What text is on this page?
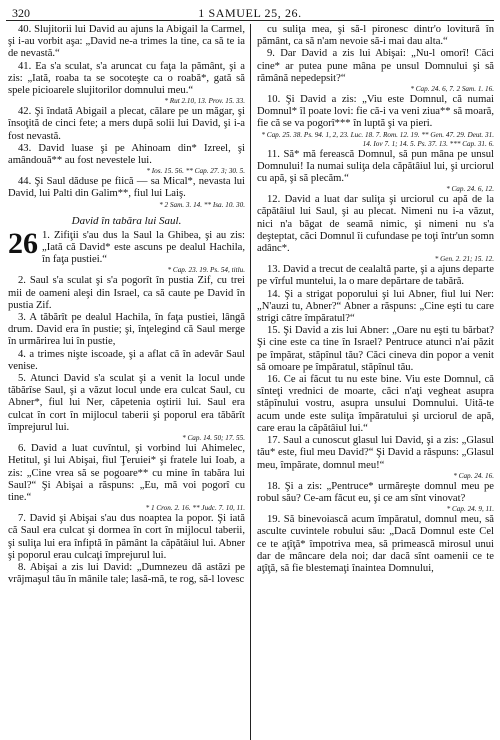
320	1 SAMUEL 25, 26.
40. Slujitorii lui David au ajuns la Abigail la Carmel, şi i-au vorbit aşa: „David ne-a trimes la tine, ca să te ia de nevastă.“
41. Ea s'a sculat, s'a aruncat cu faţa la pământ, şi a zis: „Iată, roaba ta se socoteşte ca o roabă*, gată să spele picioarele slujitorilor domnului meu.“
* Rut 2.10, 13. Prov. 15. 33.
42. Şi îndată Abigail a plecat, călare pe un măgar, şi însoţită de cinci fete; a mers după solii lui David, şi i-a fost nevastă.
43. David luase şi pe Ahinoam din* Izreel, şi amândouă** au fost nevestele lui.
* Ios. 15. 56. ** Cap. 27. 3; 30. 5.
44. Şi Saul dăduse pe fiică — sa Mical*, nevasta lui David, lui Palti din Galim**, fiul lui Laiş.
* 2 Sam. 3. 14. ** Isa. 10. 30.
David în tabăra lui Saul.
26 1. Zifiţii s'au dus la Saul la Ghibea, şi au zis: „Iată că David* este ascuns pe dealul Hachila, în faţa pustiei.“
* Cap. 23. 19. Ps. 54, titlu.
2. Saul s'a sculat şi s'a pogorît în pustia Zif, cu trei mii de oameni aleşi din Israel, ca să caute pe David în pustia Zif.
3. A tăbărît pe dealul Hachila, în faţa pustiei, lângă drum. David era în pustie; şi, înţelegind că Saul merge în urmărirea lui în pustie,
4. a trimes nişte iscoade, şi a aflat că în adevăr Saul venise.
5. Atunci David s'a sculat şi a venit la locul unde tăbărîse Saul, şi a văzut locul unde era culcat Saul, cu Abner*, fiul lui Ner, căpetenia oştirii lui. Saul era culcat în cort în mijlocul taberii şi poporul era tăbărît împrejurul lui.
* Cap. 14. 50; 17. 55.
6. David a luat cuvîntul, şi vorbind lui Ahimelec, Hetitul, şi lui Abişai, fiul Ţeruiei* şi fratele lui Ioab, a zis: „Cine vrea să se pogoare** cu mine în tabăra lui Saul?“ Şi Abişai a răspuns: „Eu, mă voi pogorî cu tine.“
* 1 Cron. 2. 16. ** Judc. 7. 10, 11.
7. David şi Abişai s'au dus noaptea la popor. Şi iată că Saul era culcat şi dormea în cort în mijlocul taberii, şi suliţa lui era înfiptă în pământ la căpătâiul lui. Abner şi poporul erau culcaţi împrejurul lui.
8. Abişai a zis lui David: „Dumnezeu dă astăzi pe vrăjmaşul tău în mânile tale; lasă-mă, te rog, să-l lovesc
cu suliţa mea, şi să-l pironesc dintr'o lovitură în pământ, ca să n'am nevoie să-i mai dau alta.“
9. Dar David a zis lui Abişai: „Nu-l omorî! Căci cine* ar putea pune mâna pe unsul Domnului şi să rămână nepedepsit?“
* Cap. 24. 6, 7. 2 Sam. 1. 16.
10. Şi David a zis: „Viu este Domnul, că numai Domnul* îl poate lovi: fie că-i va veni ziua** să moară, fie că se va pogorî*** în luptă şi va pieri.
* Cap. 25. 38. Ps. 94. 1, 2, 23. Luc. 18. 7. Rom. 12. 19. ** Gen. 47. 29. Deut. 31. 14. Iov 7. 1; 14. 5. Ps. 37. 13. *** Cap. 31. 6.
11. Să* mă ferească Domnul, să pun mâna pe unsul Domnului! Ia numai suliţa dela căpătâiul lui, şi urciorul cu apă, şi să plecăm.“
* Cap. 24. 6, 12.
12. David a luat dar suliţa şi urciorul cu apă de la căpătâiul lui Saul, şi au plecat. Nimeni nu i-a văzut, nici n'a băgat de seamă nimic, şi nimeni nu s'a deşteptat, căci Domnul îi cufundase pe toţi într'un somn adânc*.
* Gen. 2. 21; 15. 12.
13. David a trecut de cealaltă parte, şi a ajuns departe pe vîrful muntelui, la o mare depărtare de tabără.
14. Şi a strigat poporului şi lui Abner, fiul lui Ner: „N'auzi tu, Abner?“ Abner a răspuns: „Cine eşti tu care strigi către împăratul?“
15. Şi David a zis lui Abner: „Oare nu eşti tu bărbat? Şi cine este ca tine în Israel? Pentruce atunci n'ai păzit pe împărat, stăpînul tău? Căci cineva din popor a venit să omoare pe împăratul, stăpînul tău.
16. Ce ai făcut tu nu este bine. Viu este Domnul, că sînteţi vrednici de moarte, căci n'aţi vegheat asupra stăpînului vostru, asupra unsului Domnului. Uită-te acum unde este suliţa împăratului şi urciorul de apă, care erau la căpătâiul lui.“
17. Saul a cunoscut glasul lui David, şi a zis: „Glasul tău* este, fiul meu David?“ Şi David a răspuns: „Glasul meu, împărate, domnul meu!“
* Cap. 24. 16.
18. Şi a zis: „Pentruce* urmăreşte domnul meu pe robul său? Ce-am făcut eu, şi ce am sînt vinovat?
* Cap. 24. 9, 11.
19. Să binevoiască acum împăratul, domnul meu, să asculte cuvintele robului său: „Dacă Domnul este Cel ce te aţîţă* împotriva mea, să primească mirosul unui dar de mâncare dela noi; dar dacă sînt oamenii ce te aţîţă, să fie blestemaţi înaintea Domnului,
